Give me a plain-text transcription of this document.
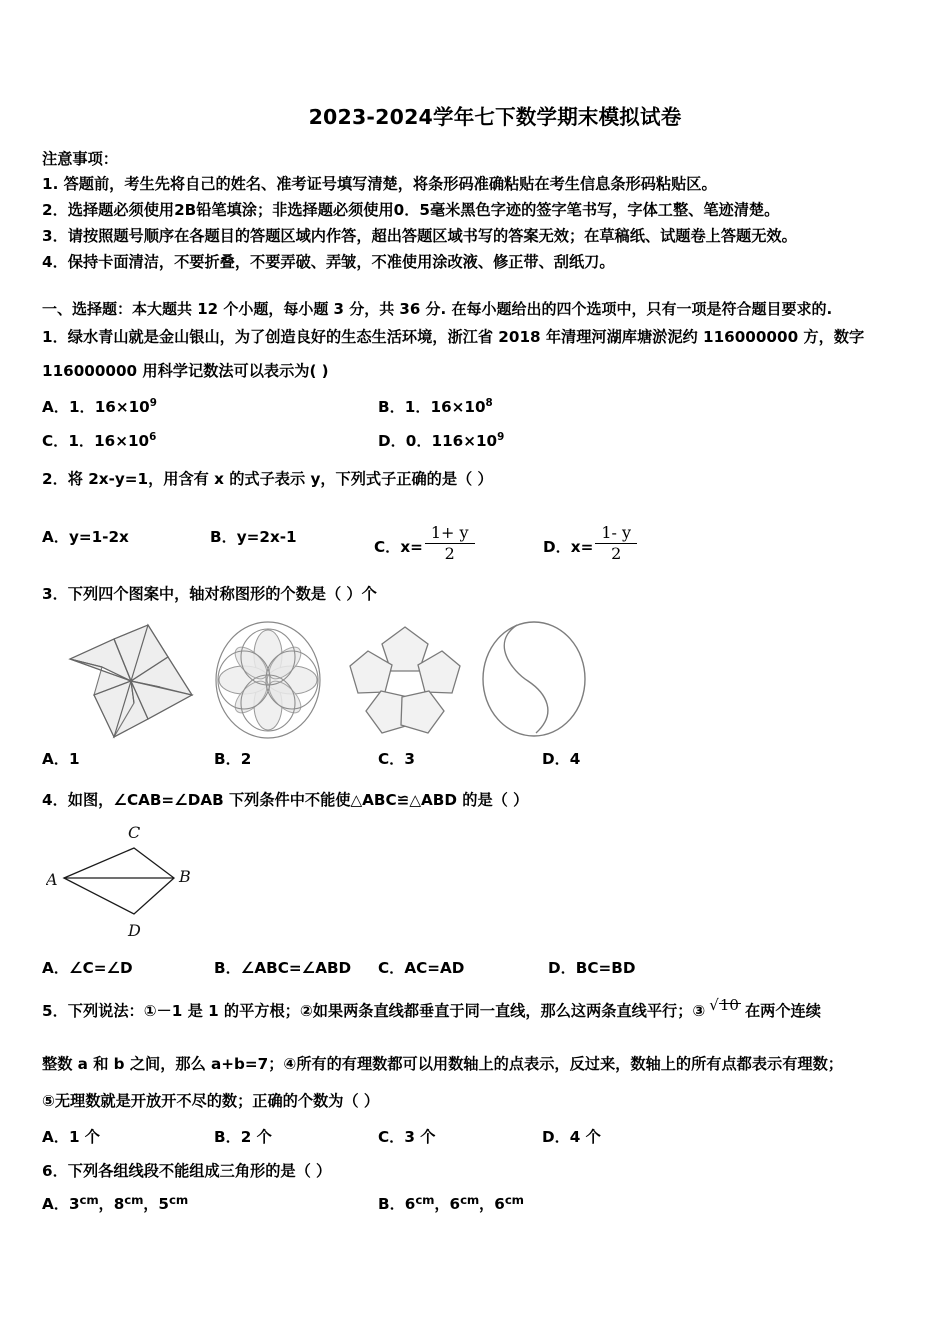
2023-2024学年七下数学期末模拟试卷
注意事项：
1. 答题前，考生先将自己的姓名、准考证号填写清楚，将条形码准确粘贴在考生信息条形码粘贴区。
2．选择题必须使用2B铅笔填涂；非选择题必须使用0．5毫米黑色字迹的签字笔书写，字体工整、笔迹清楚。
3．请按照题号顺序在各题目的答题区域内作答，超出答题区域书写的答案无效；在草稿纸、试题卷上答题无效。
4．保持卡面清洁，不要折叠，不要弄破、弄皱，不准使用涂改液、修正带、刮纸刀。
一、选择题：本大题共 12 个小题，每小题 3 分，共 36 分. 在每小题给出的四个选项中，只有一项是符合题目要求的.
1．绿水青山就是金山银山，为了创造良好的生态生活环境，浙江省 2018 年清理河湖库塘淤泥约 116000000 方，数字
116000000 用科学记数法可以表示为( )
A．1．$16\times 10^9$	B．1．$16\times 10^8$
C．1．$16\times 10^6$	D．0．$116\times 10^9$
2．将 2x-y=1，用含有 x 的式子表示 y，下列式子正确的是（ ）
A．y=1-2x	B．y=2x-1
C．$x= \frac{1+ y}{2}$	D．$x= \frac{1- y}{2}$
3．下列四个图案中，轴对称图形的个数是（ ）个
A．1	B．2	C．3	D．4
4．如图，∠CAB=∠DAB 下列条件中不能使△ABC≌△ABD 的是（ ）
C
A	B
D
A．∠C=∠D	B．∠ABC=∠ABD C．AC=AD	D．BC=BD
5．下列说法：①－1 是 1 的平方根；②如果两条直线都垂直于同一直线，那么这两条直线平行；③ √10 在两个连续
整数 a 和 b 之间，那么 a+b=7；④所有的有理数都可以用数轴上的点表示，反过来，数轴上的所有点都表示有理数；
⑤无理数就是开放开不尽的数；正确的个数为（ ）
A．1 个	B．2 个	C．3 个	D．4 个
6．下列各组线段不能组成三角形的是（ ）
A．$3^{cm}$，$8^{cm}$，$5^{cm}$	B．$6^{cm}$，$6^{cm}$，$6^{cm}$
